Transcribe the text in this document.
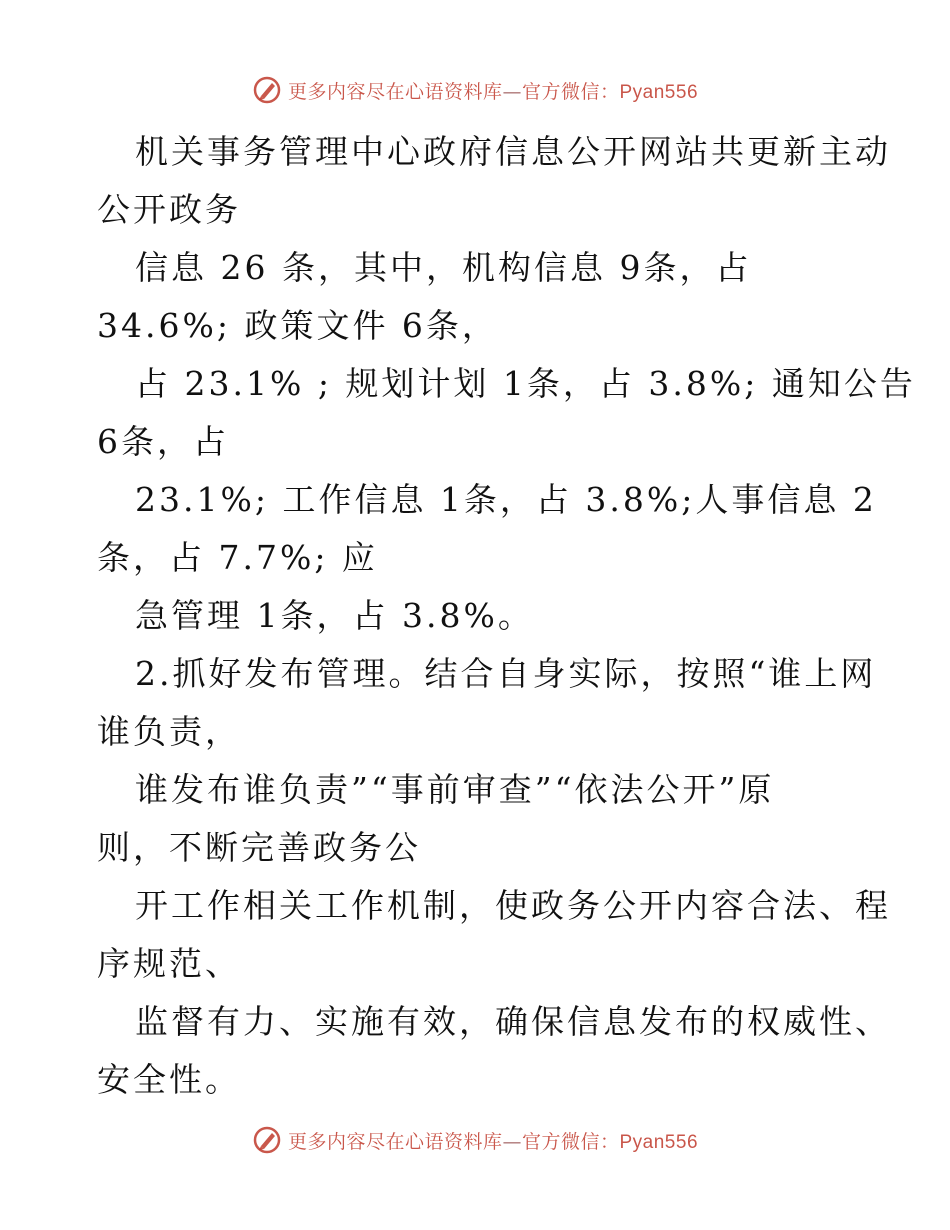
更多内容尽在心语资料库—官方微信：Pyan556
机关事务管理中心政府信息公开网站共更新主动
公开政务
信息 26 条，其中，机构信息 9条，占
34.6%; 政策文件 6条，
占 23.1% ; 规划计划 1条，占 3.8%; 通知公告
6条，占
23.1%; 工作信息 1条，占 3.8%;人事信息 2
条，占 7.7%; 应
急管理 1条，占 3.8%。
2.抓好发布管理。结合自身实际，按照“谁上网
谁负责，
谁发布谁负责”“事前审查”“依法公开”原
则，不断完善政务公
开工作相关工作机制，使政务公开内容合法、程
序规范、
监督有力、实施有效，确保信息发布的权威性、
安全性。
更多内容尽在心语资料库—官方微信：Pyan556
